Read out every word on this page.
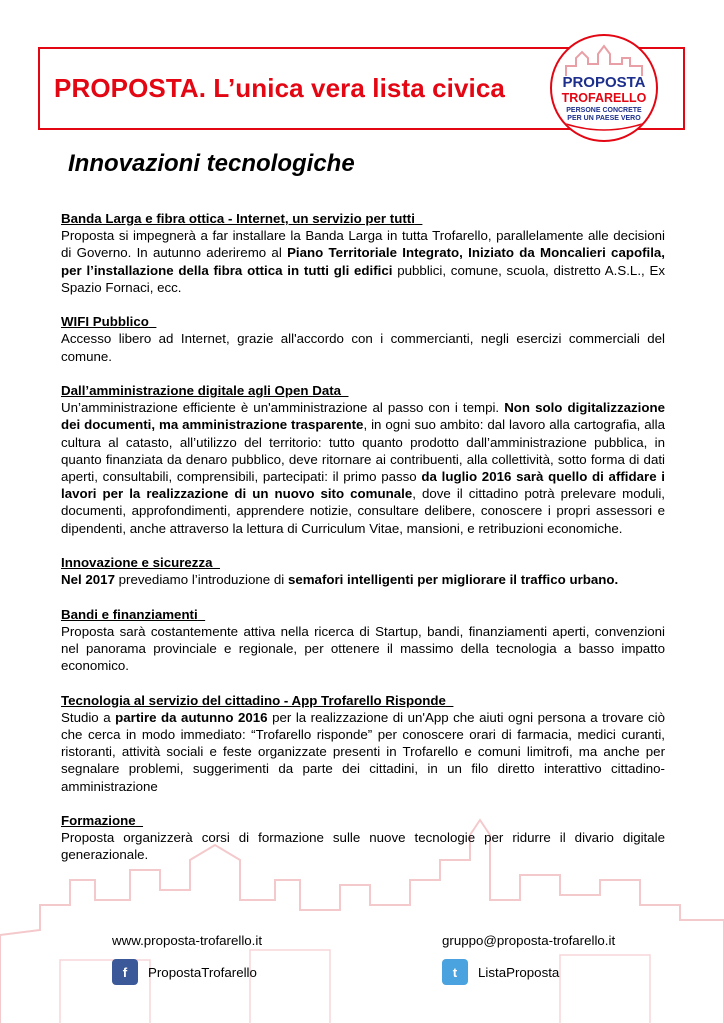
PROPOSTA. L’unica vera lista civica	PROPOSTA
TROFARELLO
PERSONE CONCRETE PER UN PAESE VERO
Innovazioni tecnologiche
Banda Larga e fibra ottica - Internet, un servizio per tutti

Proposta si impegnerà a far installare la Banda Larga in tutta Trofarello, parallelamente alle decisioni di Governo. In autunno aderiremo al Piano Territoriale Integrato, Iniziato da Moncalieri capofila, per l’installazione della fibra ottica in tutti gli edifici pubblici, comune, scuola, distretto A.S.L., Ex Spazio Fornaci, ecc.

WIFI Pubblico

Accesso libero ad Internet, grazie all'accordo con i commercianti, negli esercizi commerciali del comune.

Dall’amministrazione digitale agli Open Data

Un’amministrazione efficiente è un'amministrazione al passo con i tempi. Non solo digitalizzazione dei documenti, ma amministrazione trasparente, in ogni suo ambito: dal lavoro alla cartografia, alla cultura al catasto, all’utilizzo del territorio: tutto quanto prodotto dall’amministrazione pubblica, in quanto finanziata da denaro pubblico, deve ritornare ai contribuenti, alla collettività, sotto forma di dati aperti, consultabili, comprensibili, partecipati: il primo passo da luglio 2016 sarà quello di affidare i lavori per la realizzazione di un nuovo sito comunale, dove il cittadino potrà prelevare moduli, documenti, approfondimenti, apprendere notizie, consultare delibere, conoscere i propri assessori e dipendenti, anche attraverso la lettura di Curriculum Vitae, mansioni, e retribuzioni economiche.

Innovazione e sicurezza

Nel 2017 prevediamo l’introduzione di semafori intelligenti per migliorare il traffico urbano.

Bandi e finanziamenti

Proposta sarà costantemente attiva nella ricerca di Startup, bandi, finanziamenti aperti, convenzioni nel panorama provinciale e regionale, per ottenere il massimo della tecnologia a basso impatto economico.

Tecnologia al servizio del cittadino - App Trofarello Risponde

Studio a partire da autunno 2016 per la realizzazione di un'App che aiuti ogni persona a trovare ciò che cerca in modo immediato: “Trofarello risponde” per conoscere orari di farmacia, medici curanti, ristoranti, attività sociali e feste organizzate presenti in Trofarello e comuni limitrofi, ma anche per segnalare problemi, suggerimenti da parte dei cittadini, in un filo diretto interattivo cittadino-amministrazione

Formazione

Proposta organizzerà corsi di formazione sulle nuove tecnologie per ridurre il divario digitale generazionale.

www.proposta-trofarello.it	gruppo@proposta-trofarello.it
f	PropostaTrofarello	t	ListaProposta
